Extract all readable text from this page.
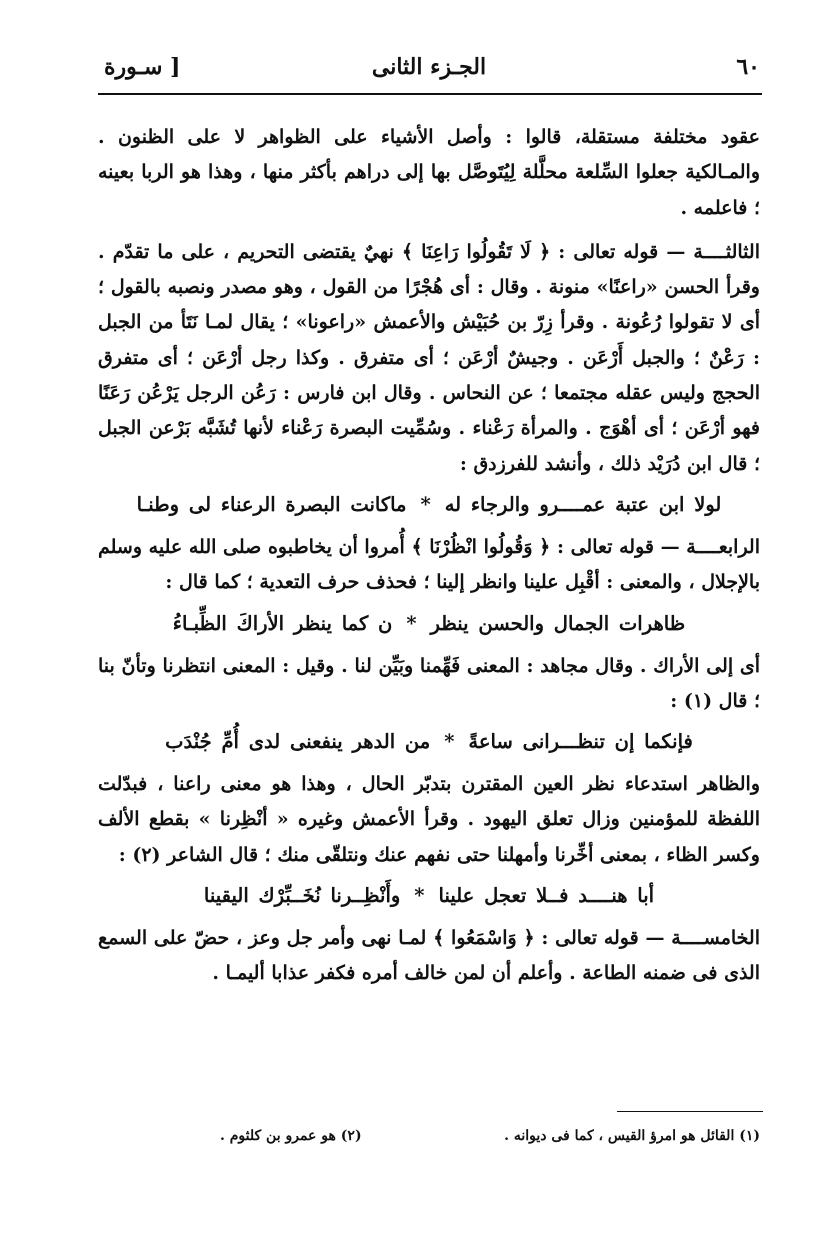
٦٠
الجـزء الثانى
[ سـورة

عقود مختلفة مستقلة، قالوا : وأصل الأشياء على الظواهر لا على الظنون . والمـالكية جعلوا السِّلعة محلَّلة لِيُتَوصَّل بها إلى دراهم بأكثر منها ، وهذا هو الربا بعينه ؛ فاعلمه .

الثالثــــة — قوله تعالى : ﴿ لَا تَقُولُوا رَاعِنَا ﴾ نهيٌ يقتضى التحريم ، على ما تقدّم . وقرأ الحسن «راعنًا» منونة . وقال : أى هُجْرًا من القول ، وهو مصدر ونصبه بالقول ؛ أى لا تقولوا رُعُونة . وقرأ زِرّ بن حُبَيْش والأعمش «راعونا» ؛ يقال لمـا نَتَأ من الجبل : رَعْنٌ ؛ والجبل أَرْعَن . وجيشٌ أرْعَن ؛ أى متفرق . وكذا رجل أرْعَن ؛ أى متفرق الحجج وليس عقله مجتمعا ؛ عن النحاس . وقال ابن فارس : رَعُن الرجل يَرْعُن رَعَنًا فهو أرْعَن ؛ أى أهْوَج . والمرأة رَعْناء . وسُمِّيت البصرة رَعْناء لأنها تُشَبَّه بَرْعن الجبل ؛ قال ابن دُرَيْد ذلك ، وأنشد للفرزدق :

لولا ابن عتبة عمــــرو والرجاء له*ماكانت البصرة الرعناء لى وطنـا

الرابعــــة — قوله تعالى : ﴿ وَقُولُوا انْظُرْنَا ﴾ أُمروا أن يخاطبوه صلى الله عليه وسلم بالإجلال ، والمعنى : أقْبِل علينا وانظر إلينا ؛ فحذف حرف التعدية ؛ كما قال :

ظاهرات الجمال والحسن ينظر*ن كما ينظر الأراكَ الظِّبـاءُ

أى إلى الأراك . وقال مجاهد : المعنى فَهِّمنا وبَيِّن لنا . وقيل : المعنى انتظرنا وتأنّ بنا ؛ قال (١) :

فإنكما إن تنظـــرانى ساعةً*من الدهر ينفعنى لدى أُمِّ جُنْدَب

والظاهر استدعاء نظر العين المقترن بتدبّر الحال ، وهذا هو معنى راعنا ، فبدّلت اللفظة للمؤمنين وزال تعلق اليهود . وقرأ الأعمش وغيره « أنْظِرنا » بقطع الألف وكسر الظاء ، بمعنى أخِّرنا وأمهلنا حتى نفهم عنك ونتلقّى منك ؛ قال الشاعر (٢) :

أبا هنــــد فــلا تعجل علينا*وأَنْظِــرنا نُخَــبِّرْك اليقينا

الخامســــة — قوله تعالى : ﴿ وَاسْمَعُوا ﴾ لمـا نهى وأمر جل وعز ، حضّ على السمع الذى فى ضمنه الطاعة . وأعلم أن لمن خالف أمره فكفر عذابا أليمـا .

(١) القائل هو امرؤ القيس ، كما فى ديوانه .
(٢) هو عمرو بن كلثوم .
